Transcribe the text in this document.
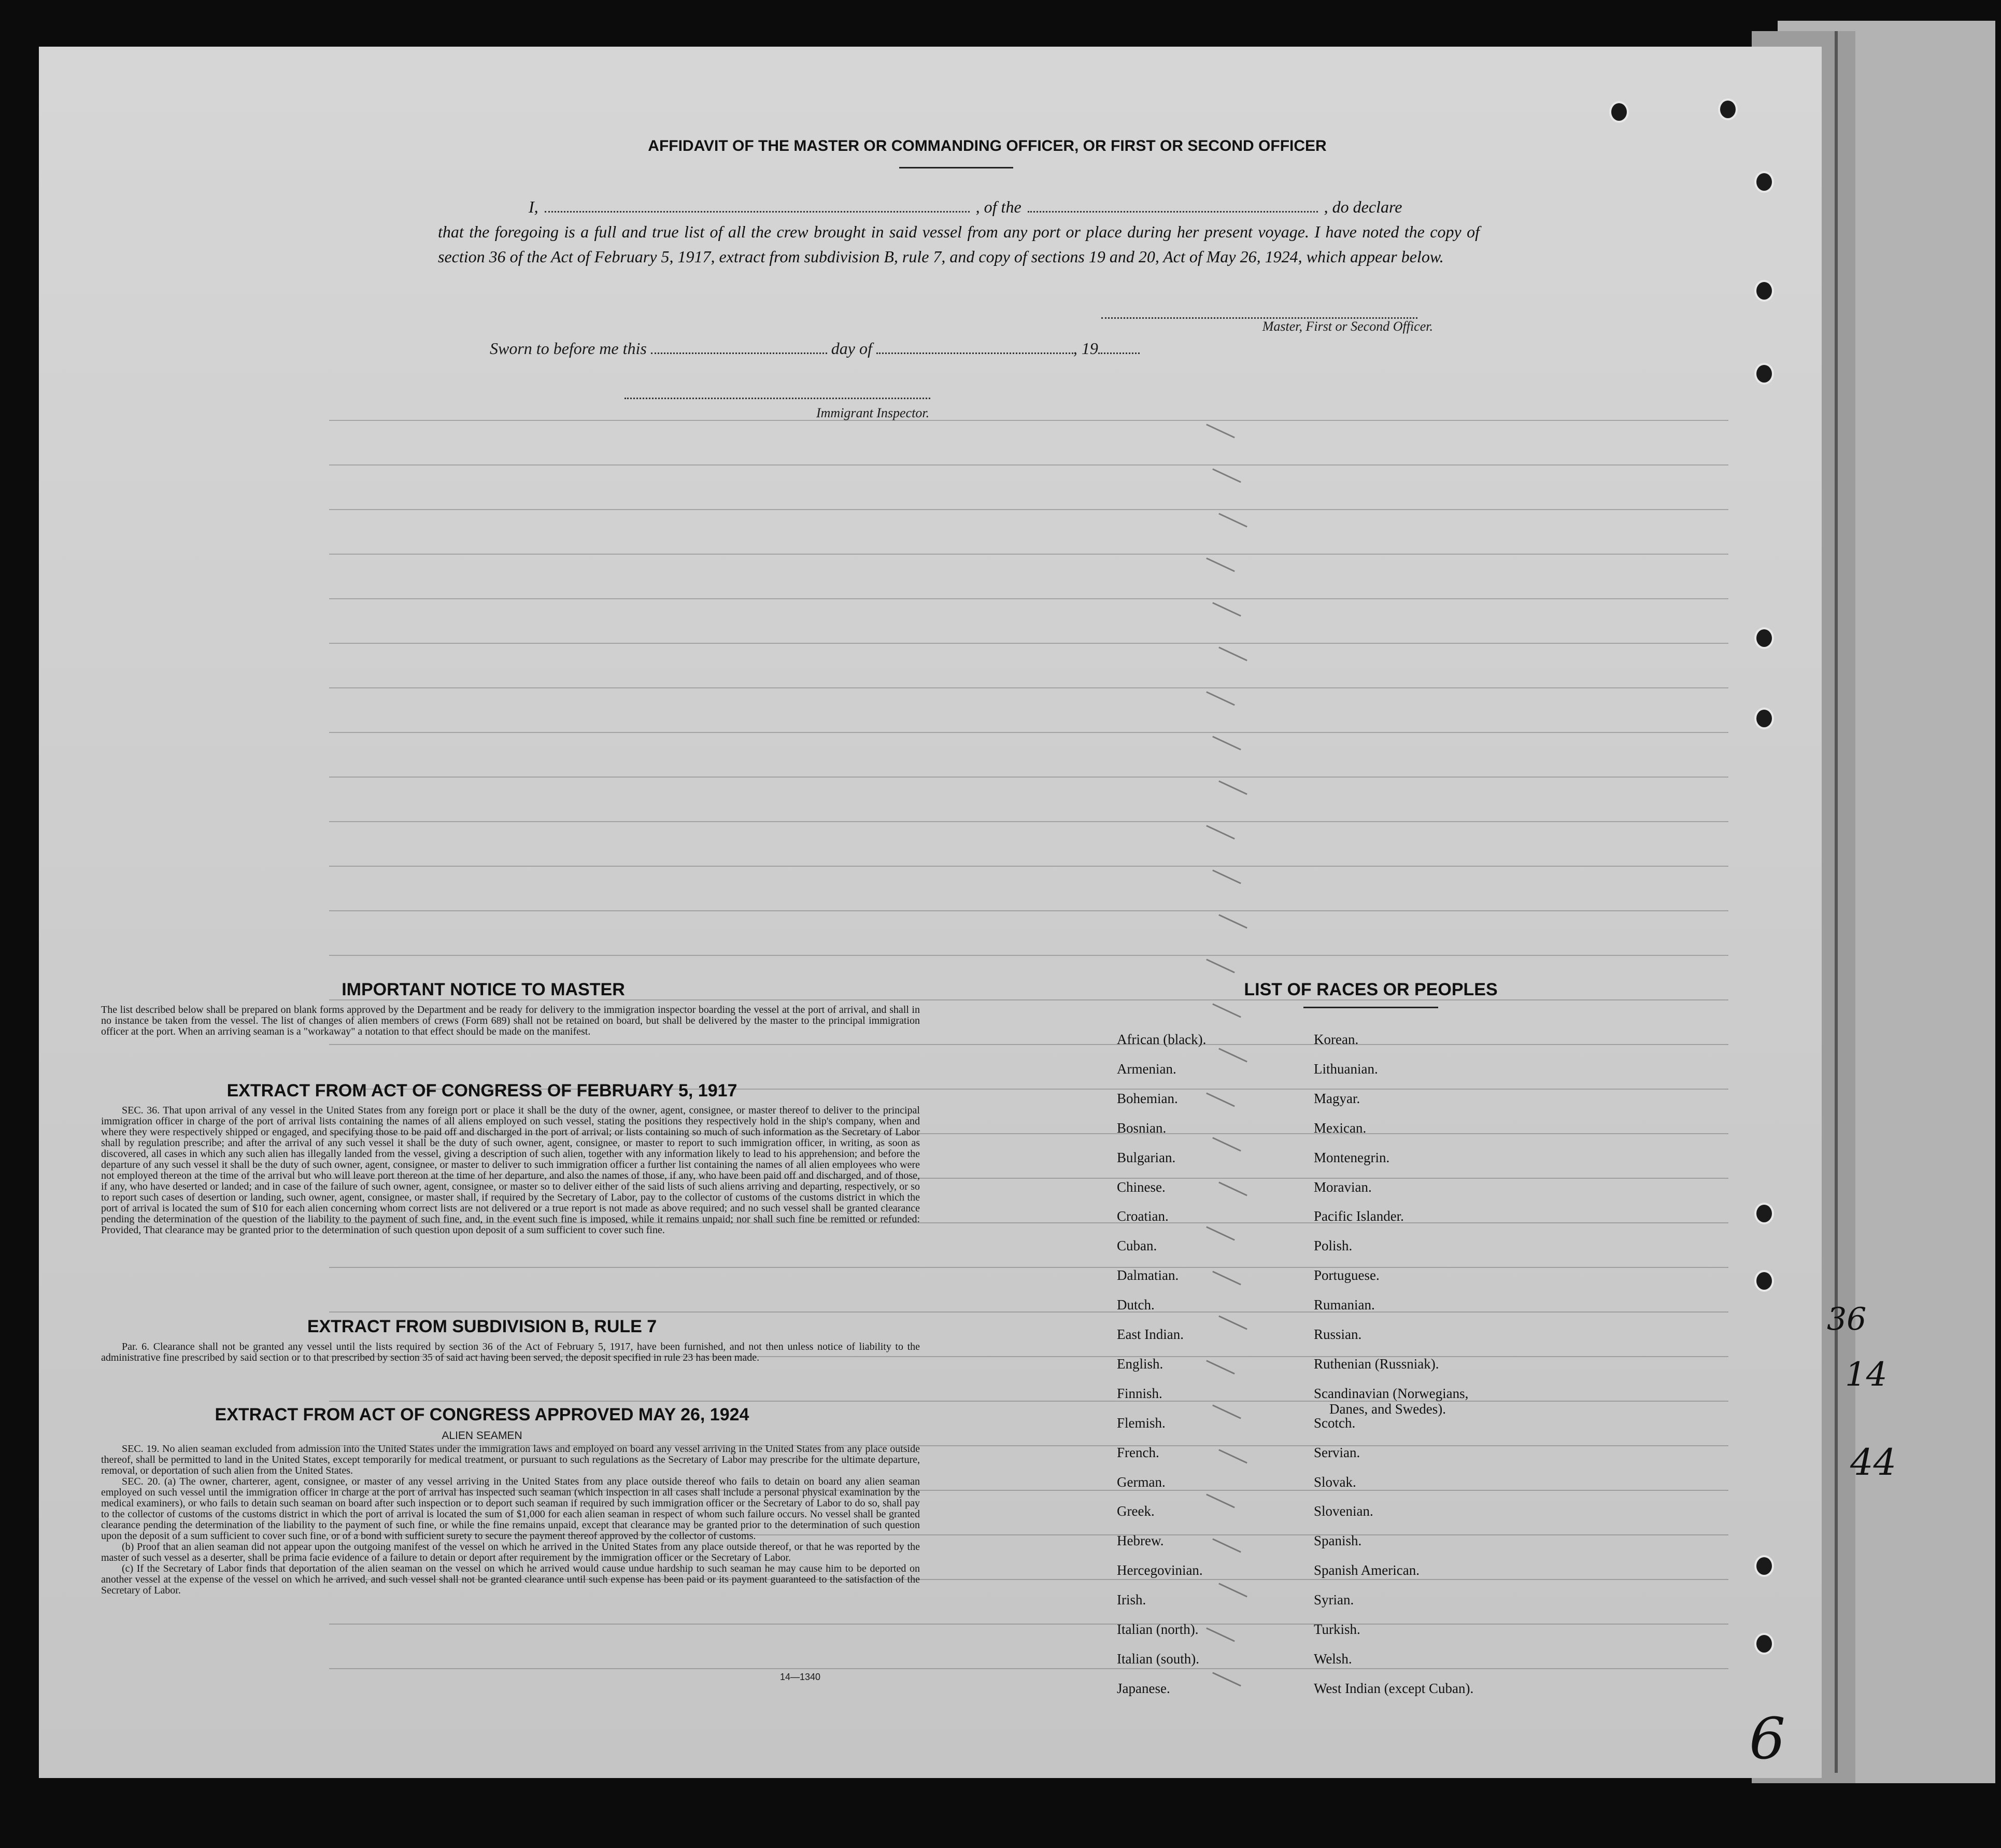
AFFIDAVIT OF THE MASTER OR COMMANDING OFFICER, OR FIRST OR SECOND OFFICER
I,	, of the	, do declare
that the foregoing is a full and true list of all the crew brought in said vessel from any port or place during her present voyage. I have noted the copy of section 36 of the Act of February 5, 1917, extract from subdivision B, rule 7, and copy of sections 19 and 20, Act of May 26, 1924, which appear below.
Master, First or Second Officer.
Sworn to before me this	day of	, 19
Immigrant Inspector.
IMPORTANT NOTICE TO MASTER
The list described below shall be prepared on blank forms approved by the Department and be ready for delivery to the immigration inspector boarding the vessel at the port of arrival, and shall in no instance be taken from the vessel. The list of changes of alien members of crews (Form 689) shall not be retained on board, but shall be delivered by the master to the principal immigration officer at the port. When an arriving seaman is a "workaway" a notation to that effect should be made on the manifest.
EXTRACT FROM ACT OF CONGRESS OF FEBRUARY 5, 1917

SEC. 36. That upon arrival of any vessel in the United States from any foreign port or place it shall be the duty of the owner, agent, consignee, or master thereof to deliver to the principal immigration officer in charge of the port of arrival lists containing the names of all aliens employed on such vessel, stating the positions they respectively hold in the ship's company, when and where they were respectively shipped or engaged, and specifying those to be paid off and discharged in the port of arrival; or lists containing so much of such information as the Secretary of Labor shall by regulation prescribe; and after the arrival of any such vessel it shall be the duty of such owner, agent, consignee, or master to report to such immigration officer, in writing, as soon as discovered, all cases in which any such alien has illegally landed from the vessel, giving a description of such alien, together with any information likely to lead to his apprehension; and before the departure of any such vessel it shall be the duty of such owner, agent, consignee, or master to deliver to such immigration officer a further list containing the names of all alien employees who were not employed thereon at the time of the arrival but who will leave port thereon at the time of her departure, and also the names of those, if any, who have been paid off and discharged, and of those, if any, who have deserted or landed; and in case of the failure of such owner, agent, consignee, or master so to deliver either of the said lists of such aliens arriving and departing, respectively, or so to report such cases of desertion or landing, such owner, agent, consignee, or master shall, if required by the Secretary of Labor, pay to the collector of customs of the customs district in which the port of arrival is located the sum of $10 for each alien concerning whom correct lists are not delivered or a true report is not made as above required; and no such vessel shall be granted clearance pending the determination of the question of the liability to the payment of such fine, and, in the event such fine is imposed, while it remains unpaid; nor shall such fine be remitted or refunded: Provided, That clearance may be granted prior to the determination of such question upon deposit of a sum sufficient to cover such fine.

EXTRACT FROM SUBDIVISION B, RULE 7

Par. 6. Clearance shall not be granted any vessel until the lists required by section 36 of the Act of February 5, 1917, have been furnished, and not then unless notice of liability to the administrative fine prescribed by said section or to that prescribed by section 35 of said act having been served, the deposit specified in rule 23 has been made.

EXTRACT FROM ACT OF CONGRESS APPROVED MAY 26, 1924
ALIEN SEAMEN

SEC. 19. No alien seaman excluded from admission into the United States under the immigration laws and employed on board any vessel arriving in the United States from any place outside thereof, shall be permitted to land in the United States, except temporarily for medical treatment, or pursuant to such regulations as the Secretary of Labor may prescribe for the ultimate departure, removal, or deportation of such alien from the United States.

SEC. 20. (a) The owner, charterer, agent, consignee, or master of any vessel arriving in the United States from any place outside thereof who fails to detain on board any alien seaman employed on such vessel until the immigration officer in charge at the port of arrival has inspected such seaman (which inspection in all cases shall include a personal physical examination by the medical examiners), or who fails to detain such seaman on board after such inspection or to deport such seaman if required by such immigration officer or the Secretary of Labor to do so, shall pay to the collector of customs of the customs district in which the port of arrival is located the sum of $1,000 for each alien seaman in respect of whom such failure occurs. No vessel shall be granted clearance pending the determination of the liability to the payment of such fine, or while the fine remains unpaid, except that clearance may be granted prior to the determination of such question upon the deposit of a sum sufficient to cover such fine, or of a bond with sufficient surety to secure the payment thereof approved by the collector of customs.

(b) Proof that an alien seaman did not appear upon the outgoing manifest of the vessel on which he arrived in the United States from any place outside thereof, or that he was reported by the master of such vessel as a deserter, shall be prima facie evidence of a failure to detain or deport after requirement by the immigration officer or the Secretary of Labor.

(c) If the Secretary of Labor finds that deportation of the alien seaman on the vessel on which he arrived would cause undue hardship to such seaman he may cause him to be deported on another vessel at the expense of the vessel on which he arrived, and such vessel shall not be granted clearance until such expense has been paid or its payment guaranteed to the satisfaction of the Secretary of Labor.

14—1340
LIST OF RACES OR PEOPLES
African (black).
Armenian.
Bohemian.
Bosnian.
Bulgarian.
Chinese.
Croatian.
Cuban.
Dalmatian.
Dutch.
East Indian.
English.
Finnish.
Flemish.
French.
German.
Greek.
Hebrew.
Hercegovinian.
Irish.
Italian (north).
Italian (south).
Japanese.
Korean.
Lithuanian.
Magyar.
Mexican.
Montenegrin.
Moravian.
Pacific Islander.
Polish.
Portuguese.
Rumanian.
Russian.
Ruthenian (Russniak).
Scandinavian (Norwegians,
Danes, and Swedes).
Scotch.
Servian.
Slovak.
Slovenian.
Spanish.
Spanish American.
Syrian.
Turkish.
Welsh.
West Indian (except Cuban).
36
14
44
6
